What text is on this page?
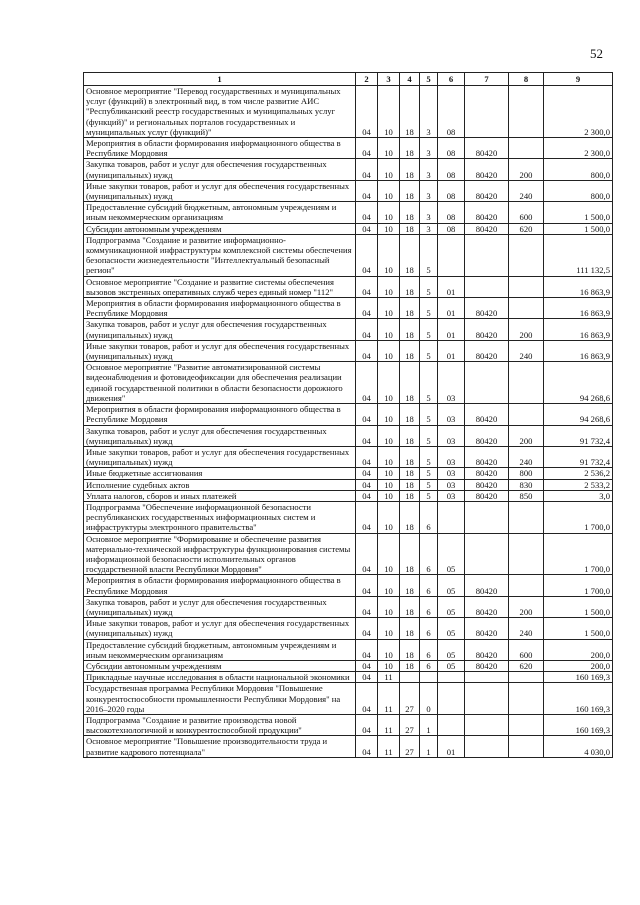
52
1	2	3	4	5	6	7	8	9
Основное мероприятие "Перевод государственных и муниципальных услуг (функций) в электронный вид, в том числе развитие АИС "Республиканский реестр государственных и муниципальных услуг (функций)" и региональных порталов государственных и муниципальных услуг (функций)"	04	10	18	3	08			2 300,0
Мероприятия в области формирования информационного общества в Республике Мордовия	04	10	18	3	08	80420		2 300,0
Закупка товаров, работ и услуг для обеспечения государственных (муниципальных) нужд	04	10	18	3	08	80420	200	800,0
Иные закупки товаров, работ и услуг для обеспечения государственных (муниципальных) нужд	04	10	18	3	08	80420	240	800,0
Предоставление субсидий бюджетным, автономным учреждениям и иным некоммерческим организациям	04	10	18	3	08	80420	600	1 500,0
Субсидии автономным учреждениям	04	10	18	3	08	80420	620	1 500,0
Подпрограмма "Создание и развитие информационно-коммуникационной инфраструктуры комплексной системы обеспечения безопасности жизнедеятельности "Интеллектуальный безопасный регион"	04	10	18	5				111 132,5
Основное мероприятие "Создание и развитие системы обеспечения вызовов экстренных оперативных служб через единый номер "112"	04	10	18	5	01			16 863,9
Мероприятия в области формирования информационного общества в Республике Мордовия	04	10	18	5	01	80420		16 863,9
Закупка товаров, работ и услуг для обеспечения государственных (муниципальных) нужд	04	10	18	5	01	80420	200	16 863,9
Иные закупки товаров, работ и услуг для обеспечения государственных (муниципальных) нужд	04	10	18	5	01	80420	240	16 863,9
Основное мероприятие "Развитие автоматизированной системы видеонаблюдения и фотовидеофиксации для обеспечения реализации единой государственной политики в области безопасности дорожного движения"	04	10	18	5	03			94 268,6
Мероприятия в области формирования информационного общества в Республике Мордовия	04	10	18	5	03	80420		94 268,6
Закупка товаров, работ и услуг для обеспечения государственных (муниципальных) нужд	04	10	18	5	03	80420	200	91 732,4
Иные закупки товаров, работ и услуг для обеспечения государственных (муниципальных) нужд	04	10	18	5	03	80420	240	91 732,4
Иные бюджетные ассигнования	04	10	18	5	03	80420	800	2 536,2
Исполнение судебных актов	04	10	18	5	03	80420	830	2 533,2
Уплата налогов, сборов и иных платежей	04	10	18	5	03	80420	850	3,0
Подпрограмма "Обеспечение информационной безопасности республиканских государственных информационных систем и инфраструктуры электронного правительства"	04	10	18	6				1 700,0
Основное мероприятие "Формирование и обеспечение развития материально-технической инфраструктуры функционирования системы информационной безопасности исполнительных органов государственной власти Республики Мордовия"	04	10	18	6	05			1 700,0
Мероприятия в области формирования информационного общества в Республике Мордовия	04	10	18	6	05	80420		1 700,0
Закупка товаров, работ и услуг для обеспечения государственных (муниципальных) нужд	04	10	18	6	05	80420	200	1 500,0
Иные закупки товаров, работ и услуг для обеспечения государственных (муниципальных) нужд	04	10	18	6	05	80420	240	1 500,0
Предоставление субсидий бюджетным, автономным учреждениям и иным некоммерческим организациям	04	10	18	6	05	80420	600	200,0
Субсидии автономным учреждениям	04	10	18	6	05	80420	620	200,0
Прикладные научные исследования в области национальной экономики	04	11						160 169,3
Государственная программа Республики Мордовия "Повышение конкурентоспособности промышленности Республики Мордовия" на 2016–2020 годы	04	11	27	0				160 169,3
Подпрограмма "Создание и развитие производства новой высокотехнологичной и конкурентоспособной продукции"	04	11	27	1				160 169,3
Основное мероприятие "Повышение производительности труда и развитие кадрового потенциала"	04	11	27	1	01			4 030,0
